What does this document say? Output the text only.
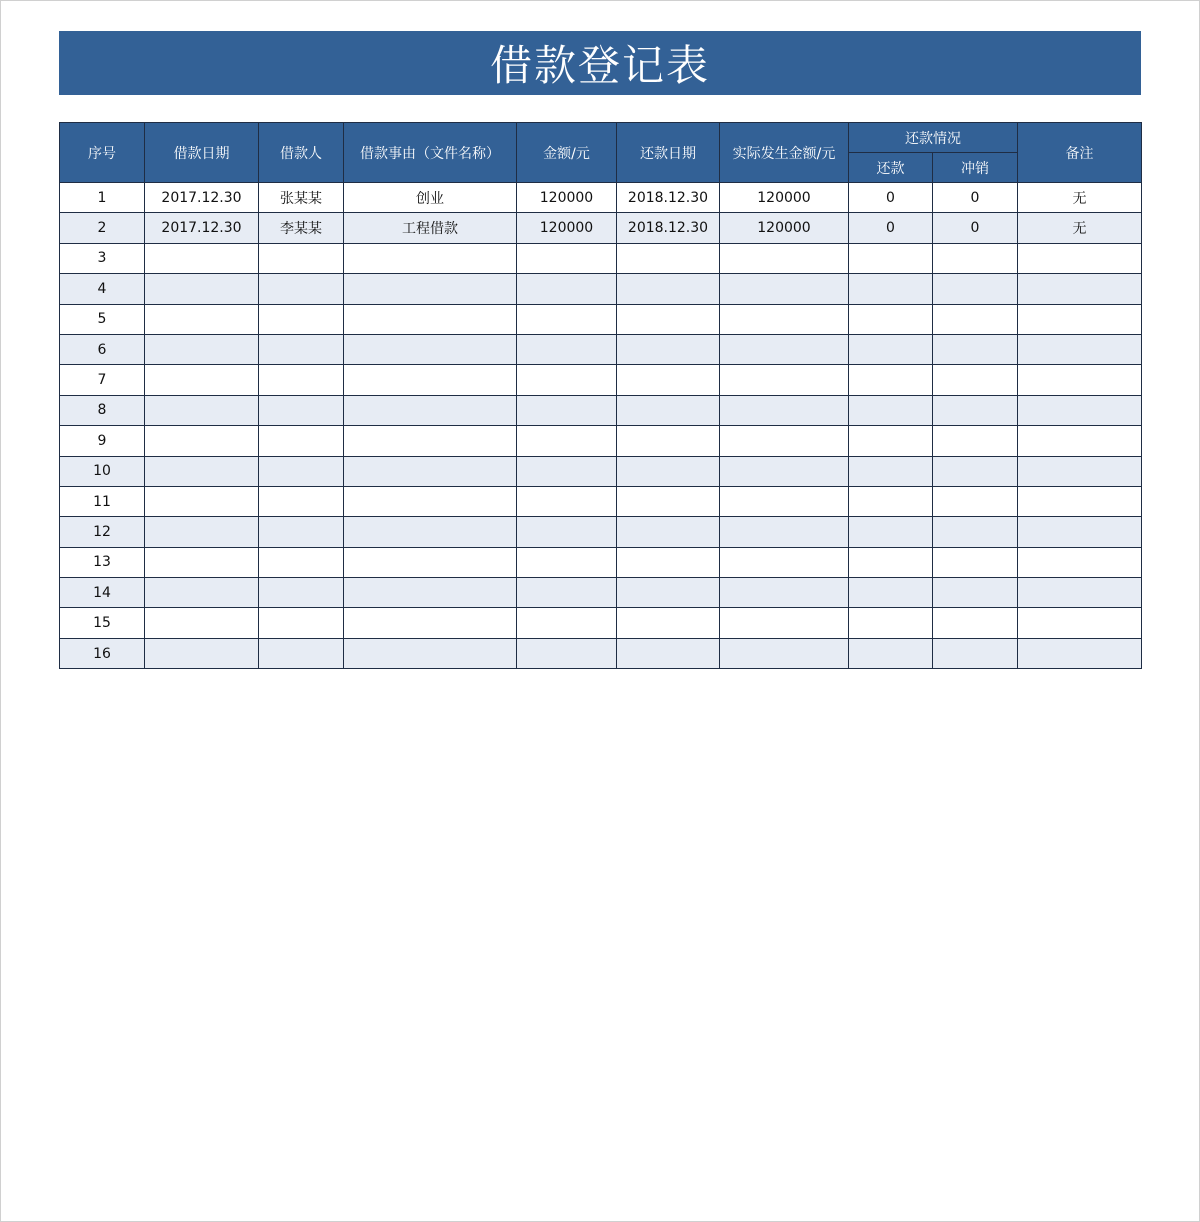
借款登记表
序号	借款日期	借款人	借款事由（文件名称）	金额/元	还款日期	实际发生金额/元	还款情况		备注
							还款	冲销	
1	2017.12.30	张某某	创业	120000	2018.12.30	120000	0	0	无
2	2017.12.30	李某某	工程借款	120000	2018.12.30	120000	0	0	无
3									
4									
5									
6									
7									
8									
9									
10									
11									
12									
13									
14									
15									
16									
